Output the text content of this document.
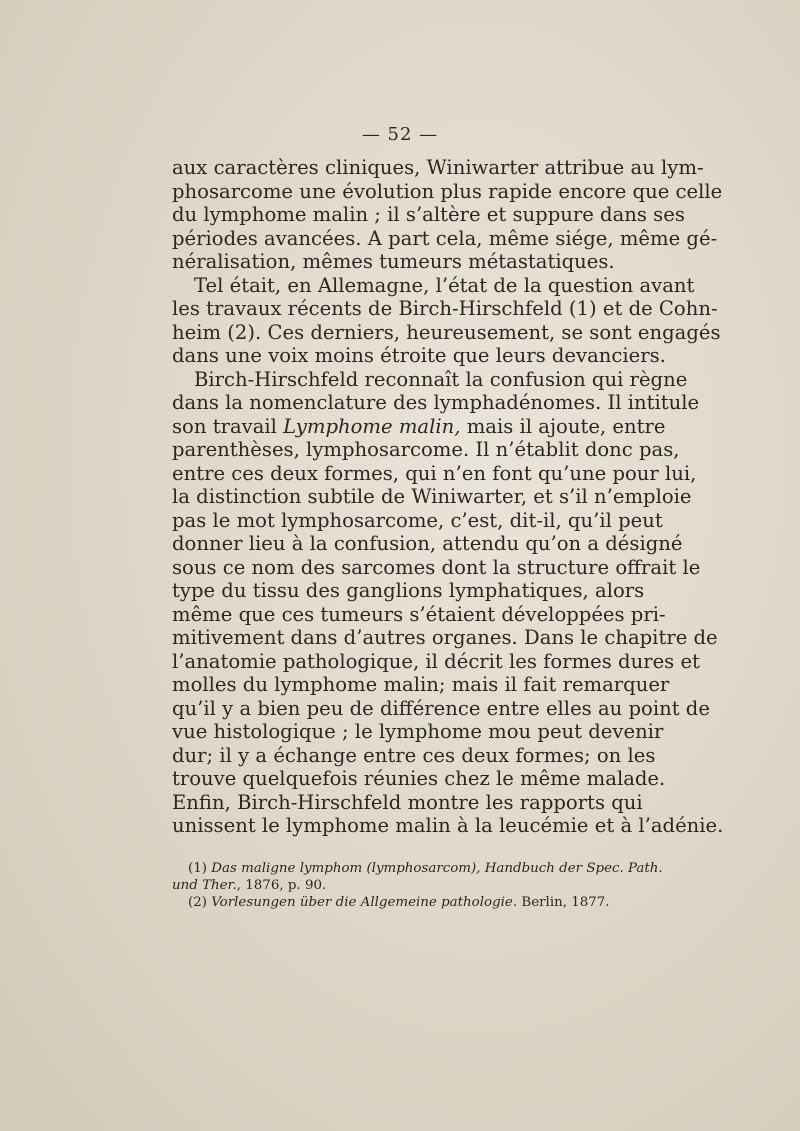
— 52 —
aux caractères cliniques, Winiwarter attribue au lym-
phosarcome une évolution plus rapide encore que celle
du lymphome malin ; il s’altère et suppure dans ses
périodes avancées. A part cela, même siége, même gé-
néralisation, mêmes tumeurs métastatiques.
Tel était, en Allemagne, l’état de la question avant
les travaux récents de Birch-Hirschfeld (1) et de Cohn-
heim (2). Ces derniers, heureusement, se sont engagés
dans une voix moins étroite que leurs devanciers.
Birch-Hirschfeld reconnaît la confusion qui règne
dans la nomenclature des lymphadénomes. Il intitule
son travail Lymphome malin, mais il ajoute, entre
parenthèses, lymphosarcome. Il n’établit donc pas,
entre ces deux formes, qui n’en font qu’une pour lui,
la distinction subtile de Winiwarter, et s’il n’emploie
pas le mot lymphosarcome, c’est, dit-il, qu’il peut
donner lieu à la confusion, attendu qu’on a désigné
sous ce nom des sarcomes dont la structure offrait le
type du tissu des ganglions lymphatiques, alors
même que ces tumeurs s’étaient développées pri-
mitivement dans d’autres organes. Dans le chapitre de
l’anatomie pathologique, il décrit les formes dures et
molles du lymphome malin; mais il fait remarquer
qu’il y a bien peu de différence entre elles au point de
vue histologique ; le lymphome mou peut devenir
dur; il y a échange entre ces deux formes; on les
trouve quelquefois réunies chez le même malade.
Enfin, Birch-Hirschfeld montre les rapports qui
unissent le lymphome malin à la leucémie et à l’adénie.
(1) Das maligne lymphom (lymphosarcom), Handbuch der Spec. Path.
und Ther., 1876, p. 90.
(2) Vorlesungen über die Allgemeine pathologie. Berlin, 1877.
